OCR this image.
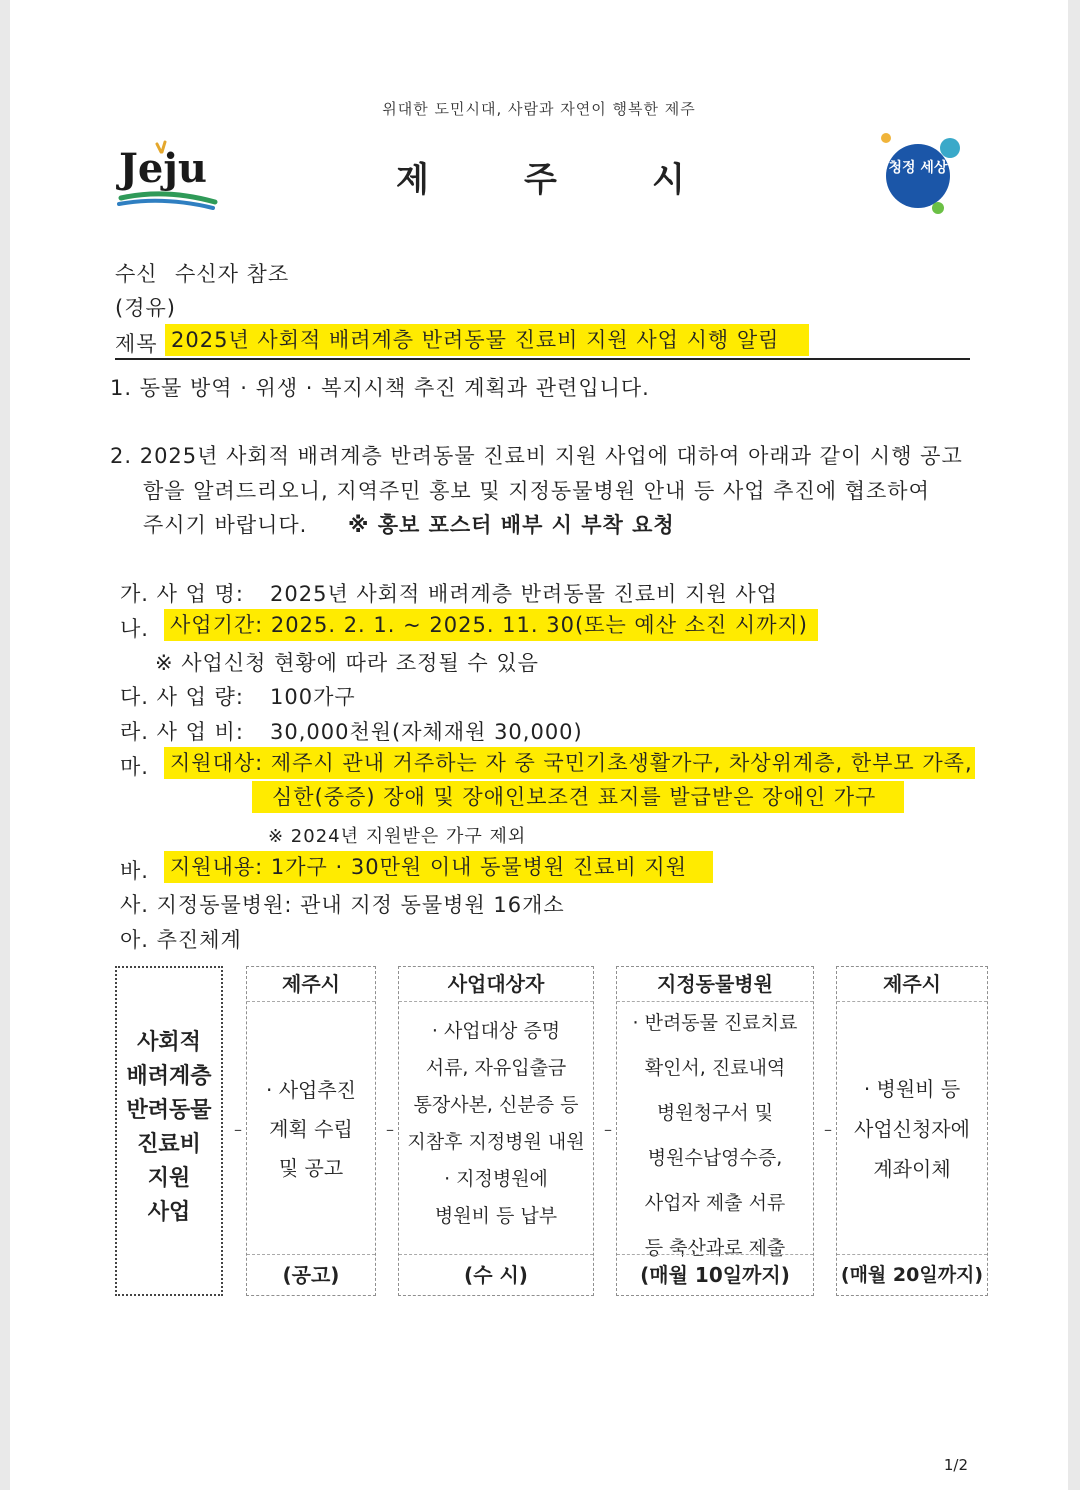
위대한 도민시대, 사람과 자연이 행복한 제주
Jeju	제	주	시	청정 세상
수신 수신자 참조
(경유)
제목 2025년 사회적 배려계층 반려동물 진료비 지원 사업 시행 알림
1. 동물 방역 · 위생 · 복지시책 추진 계획과 관련입니다.
2. 2025년 사회적 배려계층 반려동물 진료비 지원 사업에 대하여 아래과 같이 시행 공고
함을 알려드리오니, 지역주민 홍보 및 지정동물병원 안내 등 사업 추진에 협조하여
주시기 바랍니다. ※ 홍보 포스터 배부 시 부착 요청
가. 사 업 명: 2025년 사회적 배려계층 반려동물 진료비 지원 사업
나. 사업기간: 2025. 2. 1. ~ 2025. 11. 30(또는 예산 소진 시까지)
※ 사업신청 현황에 따라 조정될 수 있음
다. 사 업 량: 100가구
라. 사 업 비: 30,000천원(자체재원 30,000)
마. 지원대상: 제주시 관내 거주하는 자 중 국민기초생활가구, 차상위계층, 한부모 가족,
심한(중증) 장애 및 장애인보조견 표지를 발급받은 장애인 가구
※ 2024년 지원받은 가구 제외
바. 지원내용: 1가구 · 30만원 이내 동물병원 진료비 지원
사. 지정동물병원: 관내 지정 동물병원 16개소
아. 추진체계
사회적
배려계층
반려동물
진료비
지원
사업
–
제주시
· 사업추진
계획 수립
및 공고
(공고)
–
사업대상자
· 사업대상 증명
서류, 자유입출금
통장사본, 신분증 등
지참후 지정병원 내원
· 지정병원에
병원비 등 납부
(수 시)
–
지정동물병원
· 반려동물 진료치료
확인서, 진료내역
병원청구서 및
병원수납영수증,
사업자 제출 서류
등 축산과로 제출
(매월 10일까지)
–
제주시
· 병원비 등
사업신청자에
계좌이체
(매월 20일까지)
1/2
